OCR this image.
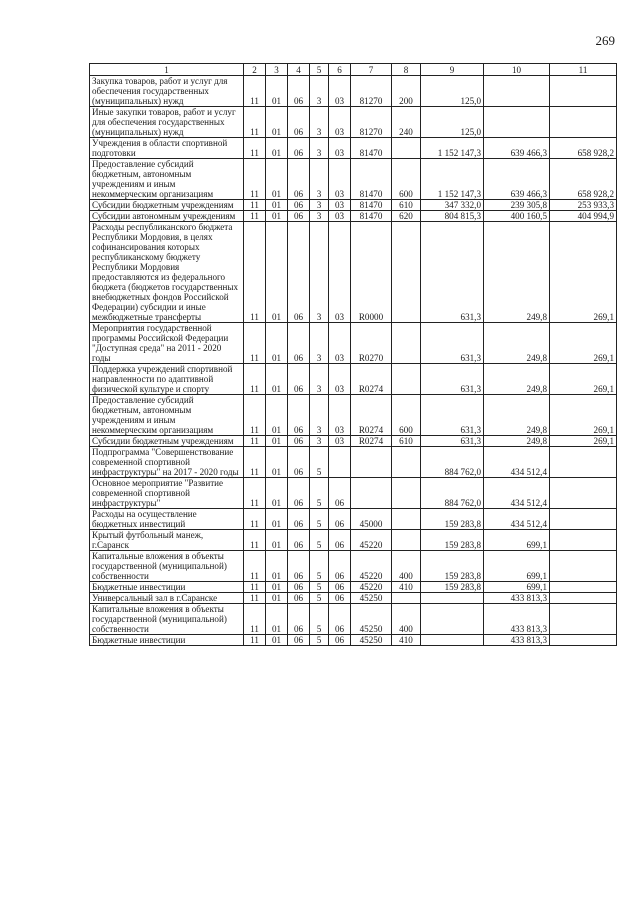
269
1	2	3	4	5	6	7	8	9	10	11
Закупка товаров, работ и услуг для обеспечения государственных (муниципальных) нужд	11	01	06	3	03	81270	200	125,0		
Иные закупки товаров, работ и услуг для обеспечения государственных (муниципальных) нужд	11	01	06	3	03	81270	240	125,0		
Учреждения в области спортивной подготовки	11	01	06	3	03	81470		1 152 147,3	639 466,3	658 928,2
Предоставление субсидий бюджетным, автономным учреждениям и иным некоммерческим организациям	11	01	06	3	03	81470	600	1 152 147,3	639 466,3	658 928,2
Субсидии бюджетным учреждениям	11	01	06	3	03	81470	610	347 332,0	239 305,8	253 933,3
Субсидии автономным учреждениям	11	01	06	3	03	81470	620	804 815,3	400 160,5	404 994,9
Расходы республиканского бюджета Республики Мордовия, в целях софинансирования которых республиканскому бюджету Республики Мордовия предоставляются из федерального бюджета (бюджетов государственных внебюджетных фондов Российской Федерации) субсидии и иные межбюджетные трансферты	11	01	06	3	03	R0000		631,3	249,8	269,1
Мероприятия государственной программы Российской Федерации "Доступная среда" на 2011 - 2020 годы	11	01	06	3	03	R0270		631,3	249,8	269,1
Поддержка учреждений спортивной направленности по адаптивной физической культуре и спорту	11	01	06	3	03	R0274		631,3	249,8	269,1
Предоставление субсидий бюджетным, автономным учреждениям и иным некоммерческим организациям	11	01	06	3	03	R0274	600	631,3	249,8	269,1
Субсидии бюджетным учреждениям	11	01	06	3	03	R0274	610	631,3	249,8	269,1
Подпрограмма "Совершенствование современной спортивной инфраструктуры" на 2017 - 2020 годы	11	01	06	5				884 762,0	434 512,4	
Основное мероприятие "Развитие современной спортивной инфраструктуры"	11	01	06	5	06			884 762,0	434 512,4	
Расходы на осуществление бюджетных инвестиций	11	01	06	5	06	45000		159 283,8	434 512,4	
Крытый футбольный манеж, г.Саранск	11	01	06	5	06	45220		159 283,8	699,1	
Капитальные вложения в объекты государственной (муниципальной) собственности	11	01	06	5	06	45220	400	159 283,8	699,1	
Бюджетные инвестиции	11	01	06	5	06	45220	410	159 283,8	699,1	
Универсальный зал в г.Саранске	11	01	06	5	06	45250			433 813,3	
Капитальные вложения в объекты государственной (муниципальной) собственности	11	01	06	5	06	45250	400		433 813,3	
Бюджетные инвестиции	11	01	06	5	06	45250	410		433 813,3	
